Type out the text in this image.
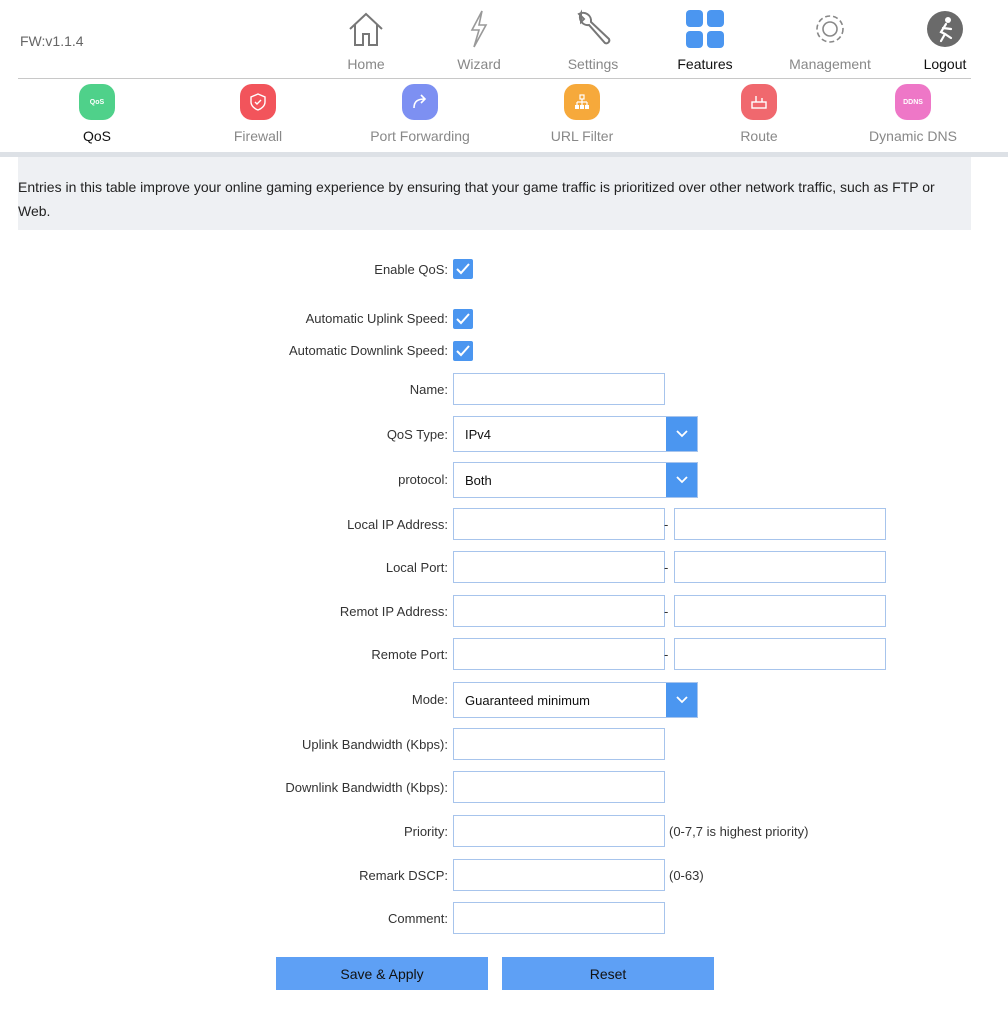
FW:v1.1.4
Home	Wizard	Settings	Features	Management	Logout
QoS
QoS	Firewall	Port Forwarding	URL Filter	Route
DDNS
Dynamic DNS
Entries in this table improve your online gaming experience by ensuring that your game traffic is prioritized over other network traffic, such as FTP or Web.
Enable QoS:
Automatic Uplink Speed:
Automatic Downlink Speed:
Name:
QoS Type: IPv4
protocol: Both
Local IP Address:	-
Local Port:	-
Remot IP Address:	-
Remote Port:	-
Mode: Guaranteed minimum
Uplink Bandwidth (Kbps):
Downlink Bandwidth (Kbps):
Priority:	(0-7,7 is highest priority)
Remark DSCP:	(0-63)
Comment:
Save & Apply	Reset
